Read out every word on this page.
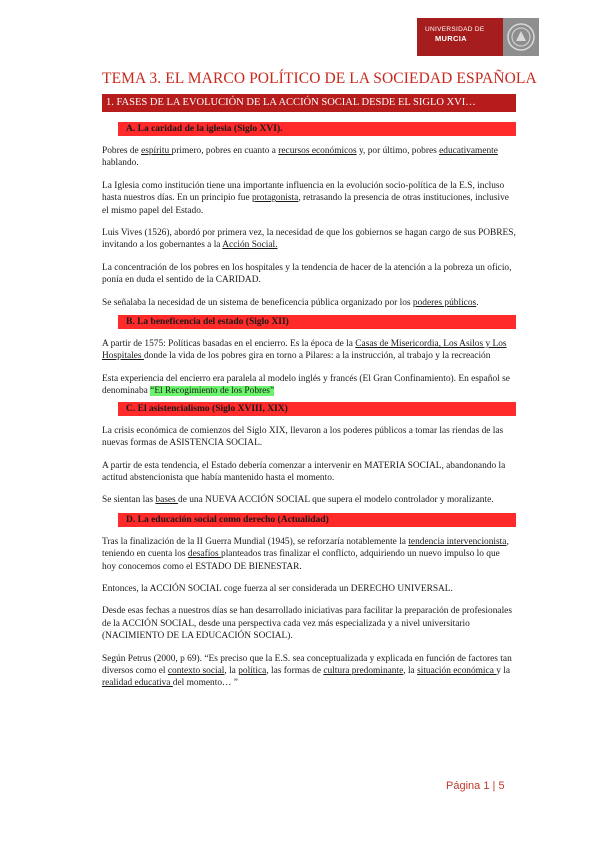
UNIVERSIDAD DE
MURCIA
TEMA 3. EL MARCO POLÍTICO DE LA SOCIEDAD ESPAÑOLA
1. FASES DE LA EVOLUCIÓN DE LA ACCIÓN SOCIAL DESDE EL SIGLO XVI…
A. La caridad de la iglesia (Siglo XVI).

Pobres de espíritu primero, pobres en cuanto a recursos económicos y, por último, pobres educativamente hablando.

La Iglesia como institución tiene una importante influencia en la evolución socio-política de la E.S, incluso hasta nuestros días. En un principio fue protagonista, retrasando la presencia de otras instituciones, inclusive el mismo papel del Estado.

Luis Vives (1526), abordó por primera vez, la necesidad de que los gobiernos se hagan cargo de sus POBRES, invitando a los gobernantes a la Acción Social.

La concentración de los pobres en los hospitales y la tendencia de hacer de la atención a la pobreza un oficio, ponía en duda el sentido de la CARIDAD.

Se señalaba la necesidad de un sistema de beneficencia pública organizado por los poderes públicos.

B. La beneficencia del estado (Siglo XII)

A partir de 1575: Políticas basadas en el encierro. Es la época de la Casas de Misericordia, Los Asilos y Los Hospitales donde la vida de los pobres gira en torno a Pilares: a la instrucción, al trabajo y la recreación

Esta experiencia del encierro era paralela al modelo inglés y francés (El Gran Confinamiento). En español se denominaba “El Recogimiento de los Pobres”

C. El asistencialismo (Siglo XVIII, XIX)

La crisis económica de comienzos del Siglo XIX, llevaron a los poderes públicos a tomar las riendas de las nuevas formas de ASISTENCIA SOCIAL.

A partir de esta tendencia, el Estado debería comenzar a intervenir en MATERIA SOCIAL, abandonando la actitud abstencionista que había mantenido hasta el momento.

Se sientan las bases de una NUEVA ACCIÓN SOCIAL que supera el modelo controlador y moralizante.

D. La educación social como derecho (Actualidad)

Tras la finalización de la II Guerra Mundial (1945), se reforzaría notablemente la tendencia intervencionista, teniendo en cuenta los desafíos planteados tras finalizar el conflicto, adquiriendo un nuevo impulso lo que hoy conocemos como el ESTADO DE BIENESTAR.

Entonces, la ACCIÓN SOCIAL coge fuerza al ser considerada un DERECHO UNIVERSAL.

Desde esas fechas a nuestros días se han desarrollado iniciativas para facilitar la preparación de profesionales de la ACCIÓN SOCIAL, desde una perspectiva cada vez más especializada y a nivel universitario (NACIMIENTO DE LA EDUCACIÓN SOCIAL).

Según Petrus (2000, p 69). “Es preciso que la E.S. sea conceptualizada y explicada en función de factores tan diversos como el contexto social, la política, las formas de cultura predominante, la situación económica y la realidad educativa del momento… ”

Página 1 | 5
